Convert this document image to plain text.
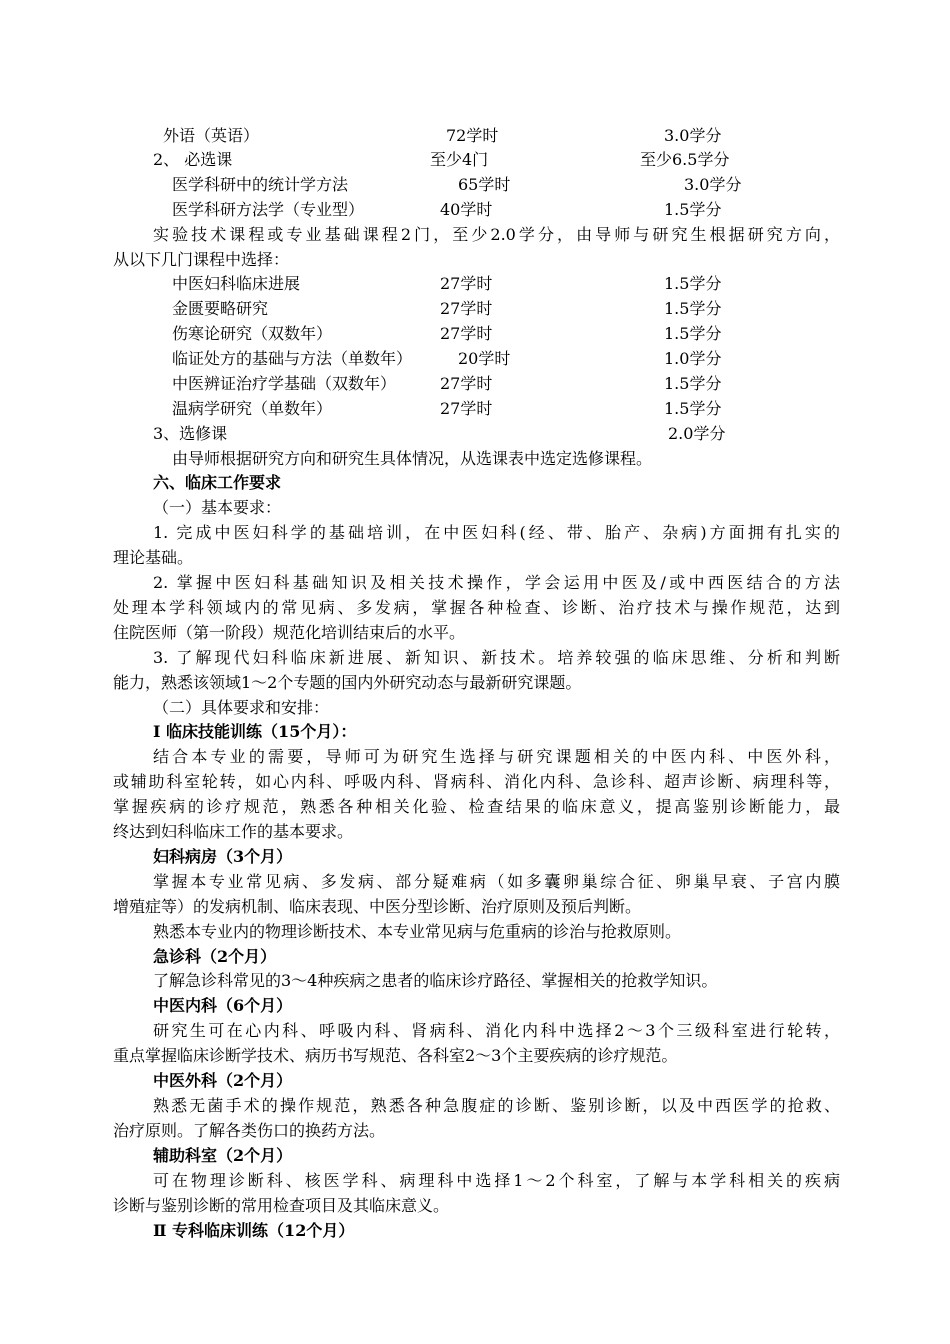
外语（英语）	72学时	3.0学分
2、 必选课	至少4门	至少6.5学分
医学科研中的统计学方法	65学时	3.0学分
医学科研方法学（专业型）	40学时	1.5学分
实验技术课程或专业基础课程2门，至少2.0学分，由导师与研究生根据研究方向，
从以下几门课程中选择：
中医妇科临床进展	27学时	1.5学分
金匮要略研究	27学时	1.5学分
伤寒论研究（双数年）	27学时	1.5学分
临证处方的基础与方法（单数年）	20学时	1.0学分
中医辨证治疗学基础（双数年）	27学时	1.5学分
温病学研究（单数年）	27学时	1.5学分
3、选修课	2.0学分
由导师根据研究方向和研究生具体情况，从选课表中选定选修课程。
六、临床工作要求
（一）基本要求：
1. 完成中医妇科学的基础培训，在中医妇科(经、带、胎产、杂病)方面拥有扎实的
理论基础。
2. 掌握中医妇科基础知识及相关技术操作，学会运用中医及/或中西医结合的方法
处理本学科领域内的常见病、多发病，掌握各种检查、诊断、治疗技术与操作规范，达到
住院医师（第一阶段）规范化培训结束后的水平。
3. 了解现代妇科临床新进展、新知识、新技术。培养较强的临床思维、分析和判断
能力，熟悉该领域1～2个专题的国内外研究动态与最新研究课题。
（二）具体要求和安排：
Ⅰ 临床技能训练（15个月）：
结合本专业的需要，导师可为研究生选择与研究课题相关的中医内科、中医外科，
或辅助科室轮转，如心内科、呼吸内科、肾病科、消化内科、急诊科、超声诊断、病理科等，
掌握疾病的诊疗规范，熟悉各种相关化验、检查结果的临床意义，提高鉴别诊断能力，最
终达到妇科临床工作的基本要求。
妇科病房（3个月）
掌握本专业常见病、多发病、部分疑难病（如多囊卵巢综合征、卵巢早衰、子宫内膜
增殖症等）的发病机制、临床表现、中医分型诊断、治疗原则及预后判断。
熟悉本专业内的物理诊断技术、本专业常见病与危重病的诊治与抢救原则。
急诊科（2个月）
了解急诊科常见的3～4种疾病之患者的临床诊疗路径、掌握相关的抢救学知识。
中医内科（6个月）
研究生可在心内科、呼吸内科、肾病科、消化内科中选择2～3个三级科室进行轮转，
重点掌握临床诊断学技术、病历书写规范、各科室2～3个主要疾病的诊疗规范。
中医外科（2个月）
熟悉无菌手术的操作规范，熟悉各种急腹症的诊断、鉴别诊断，以及中西医学的抢救、
治疗原则。了解各类伤口的换药方法。
辅助科室（2个月）
可在物理诊断科、核医学科、病理科中选择1～2个科室，了解与本学科相关的疾病
诊断与鉴别诊断的常用检查项目及其临床意义。
Ⅱ 专科临床训练（12个月）
